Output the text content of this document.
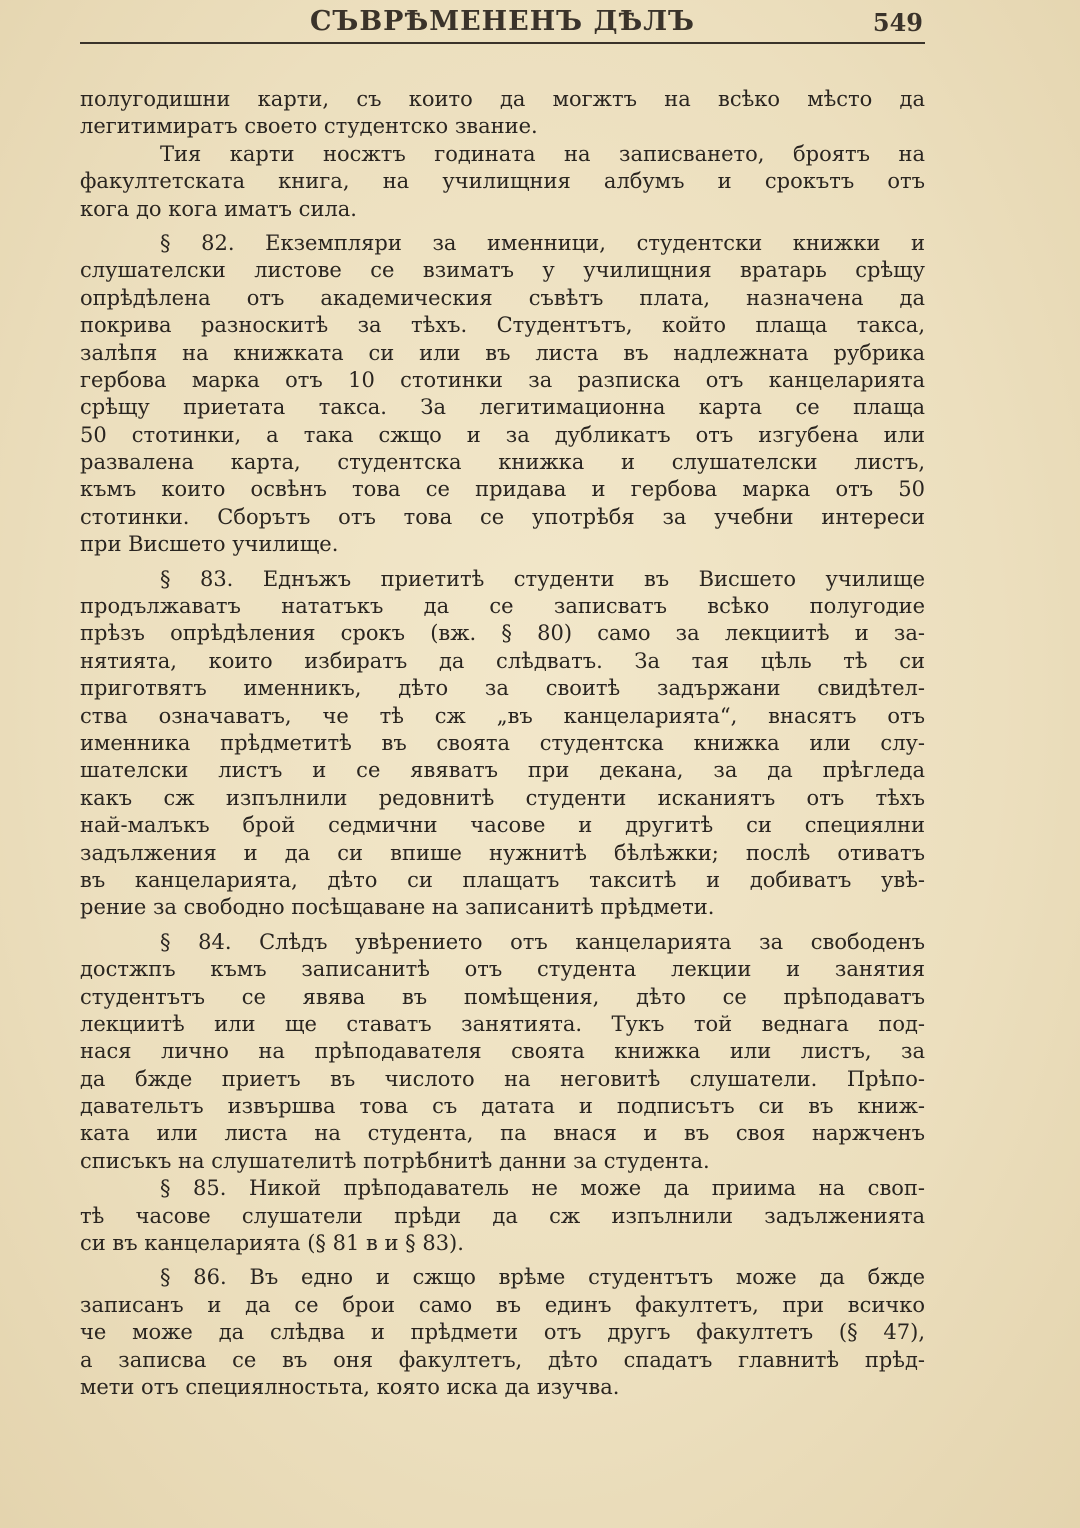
СЪВРѢМЕНЕНЪ ДѢЛЪ	549
полугодишни карти, съ които да могжтъ на всѣко мѣсто да
легитимиратъ своето студентско звание.
Тия карти носжтъ годината на записването, броятъ на
факултетската книга, на училищния албумъ и срокътъ отъ
кога до кога иматъ сила.
§ 82. Екземпляри за именници, студентски книжки и
слушателски листове се взиматъ у училищния вратарь срѣщу
опрѣдѣлена отъ академическия съвѣтъ плата, назначена да
покрива разноскитѣ за тѣхъ. Студентътъ, който плаща такса,
залѣпя на книжката си или въ листа въ надлежната рубрика
гербова марка отъ 10 стотинки за разписка отъ канцеларията
срѣщу приетата такса. За легитимационна карта се плаща
50 стотинки, а така сжщо и за дубликатъ отъ изгубена или
развалена карта, студентска книжка и слушателски листъ,
къмъ които освѣнъ това се придава и гербова марка отъ 50
стотинки. Сборътъ отъ това се употрѣбя за учебни интереси
при Висшето училище.
§ 83. Еднъжъ приетитѣ студенти въ Висшето училище
продължаватъ нататъкъ да се записватъ всѣко полугодие
прѣзъ опрѣдѣления срокъ (вж. § 80) само за лекциитѣ и за-
нятията, които избиратъ да слѣдватъ. За тая цѣль тѣ си
приготвятъ именникъ, дѣто за своитѣ задържани свидѣтел-
ства означаватъ, че тѣ сж „въ канцеларията“, внасятъ отъ
именника прѣдметитѣ въ своята студентска книжка или слу-
шателски листъ и се явяватъ при декана, за да прѣгледа
какъ сж изпълнили редовнитѣ студенти исканиятъ отъ тѣхъ
най-малъкъ брой седмични часове и другитѣ си специялни
задължения и да си впише нужнитѣ бѣлѣжки; послѣ отиватъ
въ канцеларията, дѣто си плащатъ такситѣ и добиватъ увѣ-
рение за свободно посѣщаване на записанитѣ прѣдмети.
§ 84. Слѣдъ увѣрението отъ канцеларията за свободенъ
достжпъ къмъ записанитѣ отъ студента лекции и занятия
студентътъ се явява въ помѣщения, дѣто се прѣподаватъ
лекциитѣ или ще ставатъ занятията. Тукъ той веднага под-
нася лично на прѣподавателя своята книжка или листъ, за
да бжде приетъ въ числото на неговитѣ слушатели. Прѣпо-
давательтъ извършва това съ датата и подписътъ си въ книж-
ката или листа на студента, па внася и въ своя наржченъ
списъкъ на слушателитѣ потрѣбнитѣ данни за студента.
§ 85. Никой прѣподаватель не може да приима на своп-
тѣ часове слушатели прѣди да сж изпълнили задълженията
си въ канцеларията (§ 81 в и § 83).
§ 86. Въ едно и сжщо врѣме студентътъ може да бжде
записанъ и да се брои само въ единъ факултетъ, при всичко
че може да слѣдва и прѣдмети отъ другъ факултетъ (§ 47),
а записва се въ оня факултетъ, дѣто спадатъ главнитѣ прѣд-
мети отъ специялностьта, която иска да изучва.
